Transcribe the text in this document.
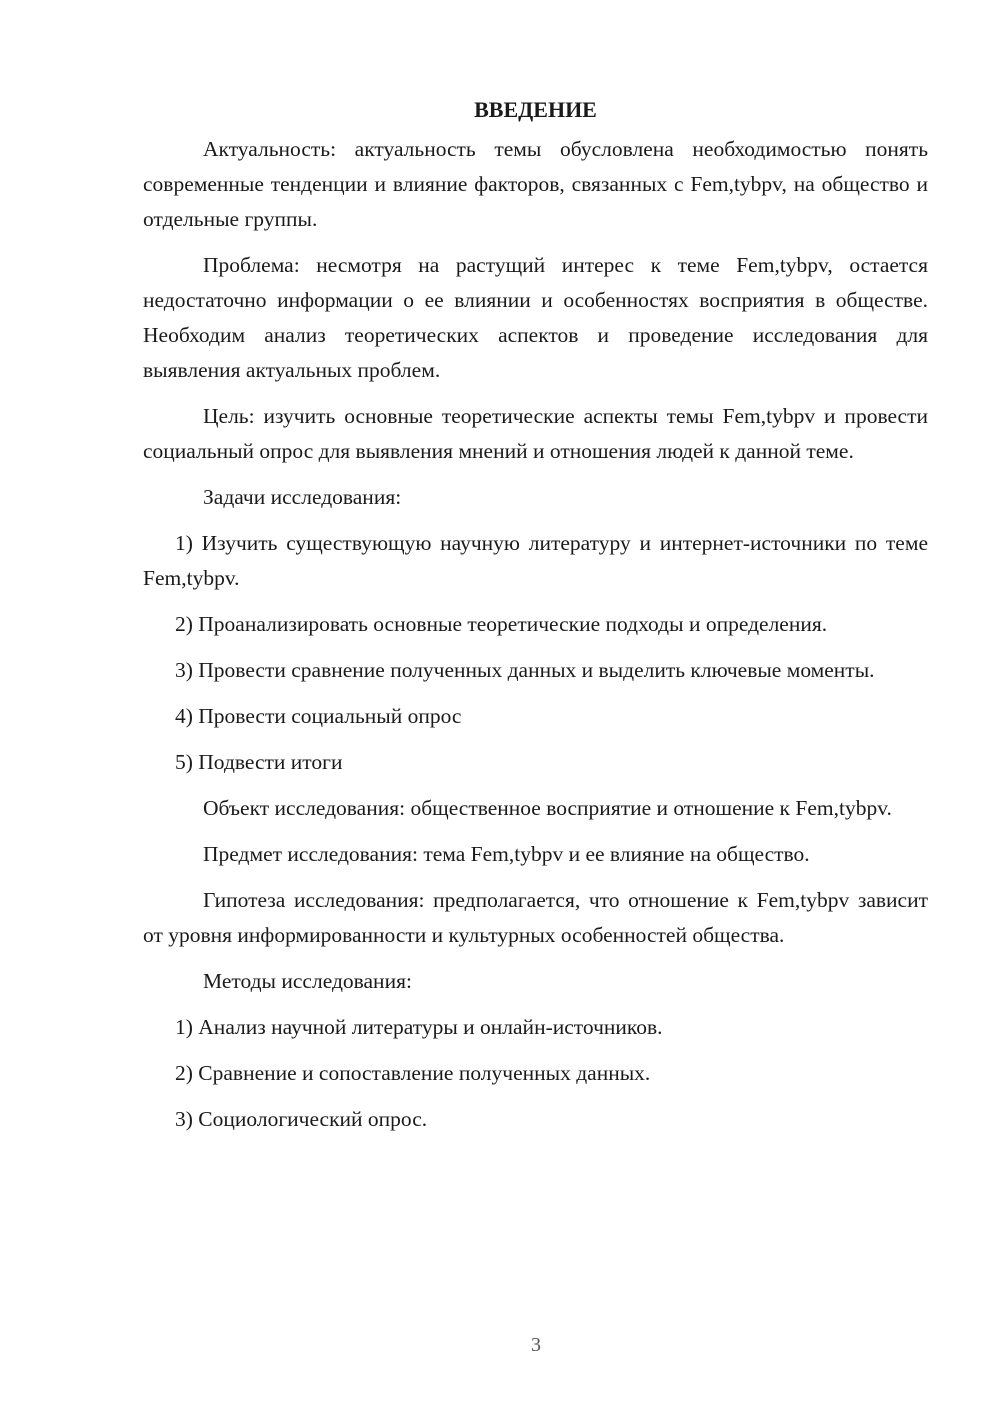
ВВЕДЕНИЕ

Актуальность: актуальность темы обусловлена необходимостью понять современные тенденции и влияние факторов, связанных с Fem,tybpv, на общество и отдельные группы.

Проблема: несмотря на растущий интерес к теме Fem,tybpv, остается недостаточно информации о ее влиянии и особенностях восприятия в обществе. Необходим анализ теоретических аспектов и проведение исследования для выявления актуальных проблем.

Цель: изучить основные теоретические аспекты темы Fem,tybpv и провести социальный опрос для выявления мнений и отношения людей к данной теме.

Задачи исследования:

1) Изучить существующую научную литературу и интернет-источники по теме Fem,tybpv.

2) Проанализировать основные теоретические подходы и определения.

3) Провести сравнение полученных данных и выделить ключевые моменты.

4) Провести социальный опрос

5) Подвести итоги

Объект исследования: общественное восприятие и отношение к Fem,tybpv.

Предмет исследования: тема Fem,tybpv и ее влияние на общество.

Гипотеза исследования: предполагается, что отношение к Fem,tybpv зависит от уровня информированности и культурных особенностей общества.

Методы исследования:

1) Анализ научной литературы и онлайн-источников.

2) Сравнение и сопоставление полученных данных.

3) Социологический опрос.

3
